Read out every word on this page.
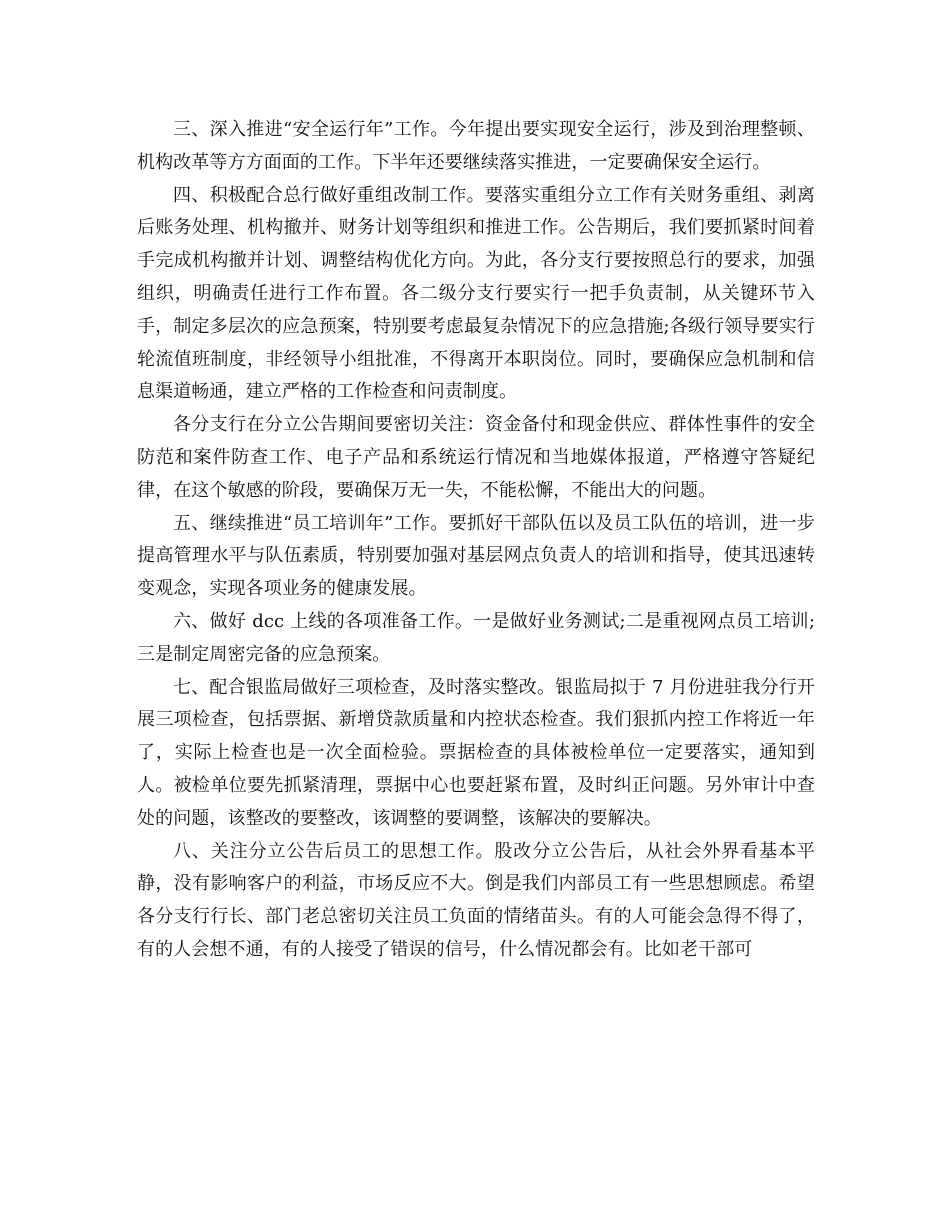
三、深入推进“安全运行年”工作。今年提出要实现安全运行，涉及到治理整顿、机构改革等方方面面的工作。下半年还要继续落实推进，一定要确保安全运行。

四、积极配合总行做好重组改制工作。要落实重组分立工作有关财务重组、剥离后账务处理、机构撤并、财务计划等组织和推进工作。公告期后，我们要抓紧时间着手完成机构撤并计划、调整结构优化方向。为此，各分支行要按照总行的要求，加强组织，明确责任进行工作布置。各二级分支行要实行一把手负责制，从关键环节入手，制定多层次的应急预案，特别要考虑最复杂情况下的应急措施;各级行领导要实行轮流值班制度，非经领导小组批准，不得离开本职岗位。同时，要确保应急机制和信息渠道畅通，建立严格的工作检查和问责制度。

各分支行在分立公告期间要密切关注：资金备付和现金供应、群体性事件的安全防范和案件防查工作、电子产品和系统运行情况和当地媒体报道，严格遵守答疑纪律，在这个敏感的阶段，要确保万无一失，不能松懈，不能出大的问题。

五、继续推进“员工培训年”工作。要抓好干部队伍以及员工队伍的培训，进一步提高管理水平与队伍素质，特别要加强对基层网点负责人的培训和指导，使其迅速转变观念，实现各项业务的健康发展。

六、做好 dcc 上线的各项准备工作。一是做好业务测试;二是重视网点员工培训;三是制定周密完备的应急预案。

七、配合银监局做好三项检查，及时落实整改。银监局拟于 7 月份进驻我分行开展三项检查，包括票据、新增贷款质量和内控状态检查。我们狠抓内控工作将近一年了，实际上检查也是一次全面检验。票据检查的具体被检单位一定要落实，通知到人。被检单位要先抓紧清理，票据中心也要赶紧布置，及时纠正问题。另外审计中查处的问题，该整改的要整改，该调整的要调整，该解决的要解决。

八、关注分立公告后员工的思想工作。股改分立公告后，从社会外界看基本平静，没有影响客户的利益，市场反应不大。倒是我们内部员工有一些思想顾虑。希望各分支行行长、部门老总密切关注员工负面的情绪苗头。有的人可能会急得不得了，有的人会想不通，有的人接受了错误的信号，什么情况都会有。比如老干部可
